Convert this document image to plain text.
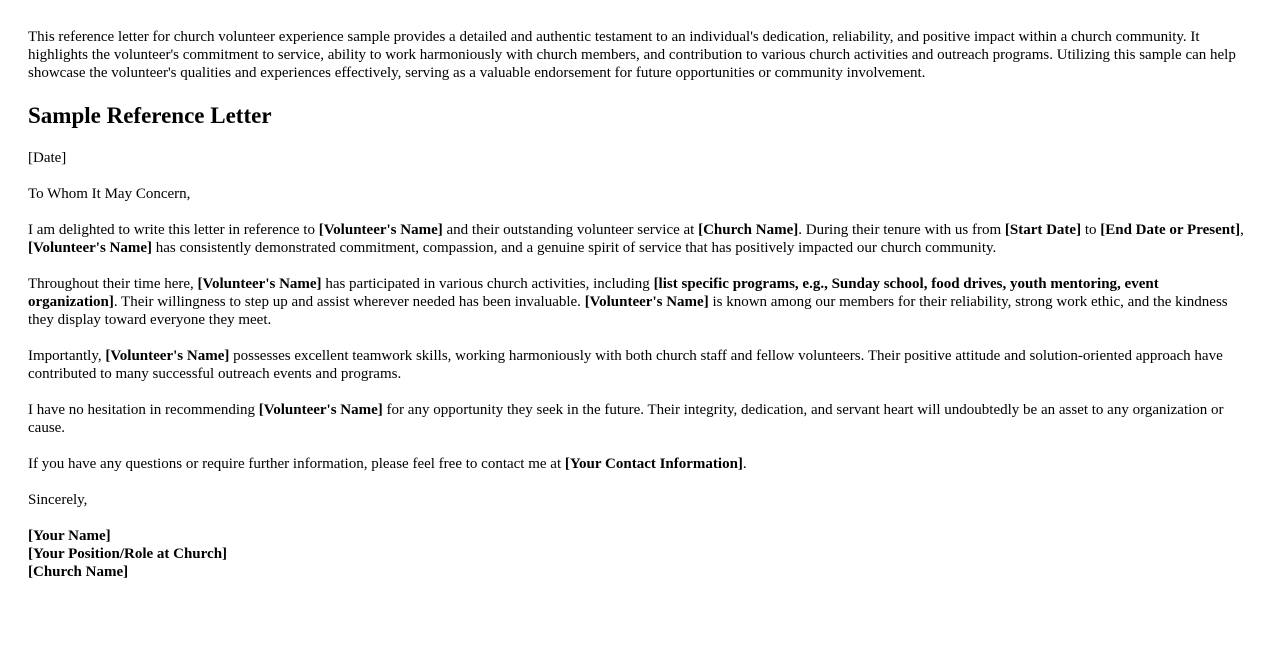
This reference letter for church volunteer experience sample provides a detailed and authentic testament to an individual's dedication, reliability, and positive impact within a church community. It highlights the volunteer's commitment to service, ability to work harmoniously with church members, and contribution to various church activities and outreach programs. Utilizing this sample can help showcase the volunteer's qualities and experiences effectively, serving as a valuable endorsement for future opportunities or community involvement.

Sample Reference Letter

[Date]

To Whom It May Concern,

I am delighted to write this letter in reference to [Volunteer's Name] and their outstanding volunteer service at [Church Name]. During their tenure with us from [Start Date] to [End Date or Present], [Volunteer's Name] has consistently demonstrated commitment, compassion, and a genuine spirit of service that has positively impacted our church community.

Throughout their time here, [Volunteer's Name] has participated in various church activities, including [list specific programs, e.g., Sunday school, food drives, youth mentoring, event organization]. Their willingness to step up and assist wherever needed has been invaluable. [Volunteer's Name] is known among our members for their reliability, strong work ethic, and the kindness they display toward everyone they meet.

Importantly, [Volunteer's Name] possesses excellent teamwork skills, working harmoniously with both church staff and fellow volunteers. Their positive attitude and solution-oriented approach have contributed to many successful outreach events and programs.

I have no hesitation in recommending [Volunteer's Name] for any opportunity they seek in the future. Their integrity, dedication, and servant heart will undoubtedly be an asset to any organization or cause.

If you have any questions or require further information, please feel free to contact me at [Your Contact Information].

Sincerely,

[Your Name]

[Your Position/Role at Church]

[Church Name]
